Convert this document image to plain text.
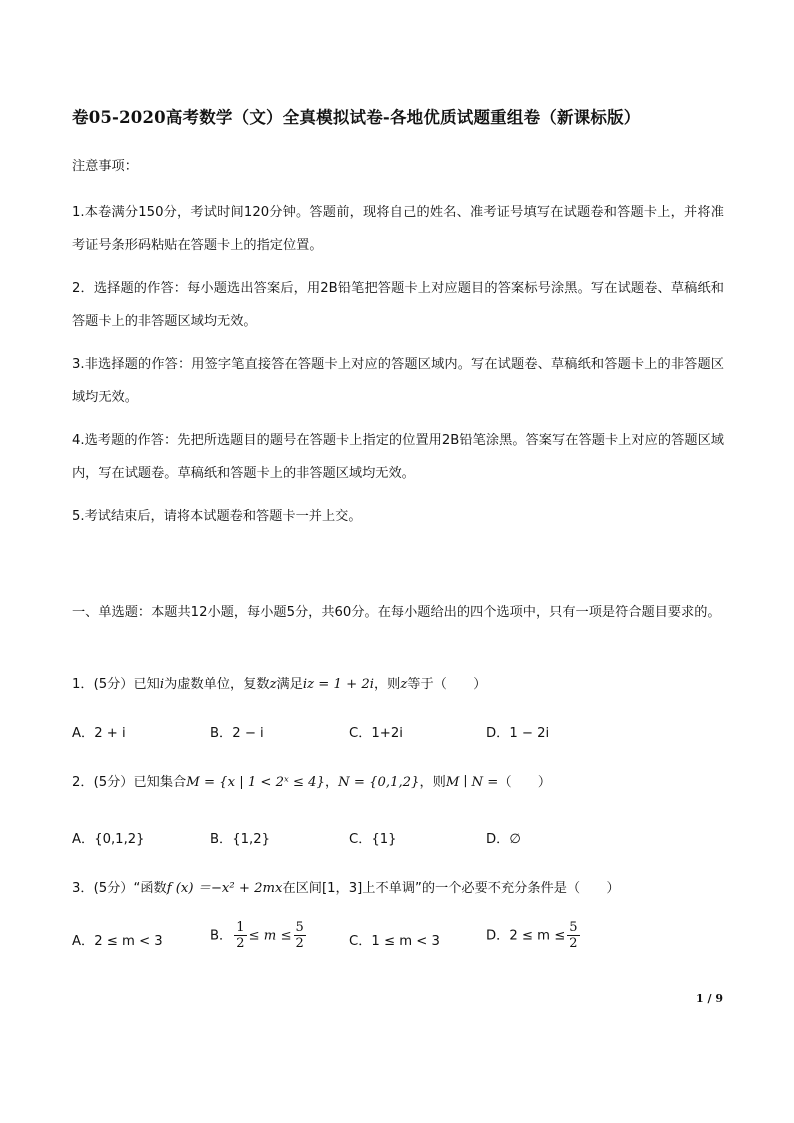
卷05-2020高考数学（文）全真模拟试卷-各地优质试题重组卷（新课标版）
注意事项：
1.本卷满分150分，考试时间120分钟。答题前，现将自己的姓名、准考证号填写在试题卷和答题卡上，并将准考证号条形码粘贴在答题卡上的指定位置。
2．选择题的作答：每小题选出答案后，用2B铅笔把答题卡上对应题目的答案标号涂黑。写在试题卷、草稿纸和答题卡上的非答题区域均无效。
3.非选择题的作答：用签字笔直接答在答题卡上对应的答题区域内。写在试题卷、草稿纸和答题卡上的非答题区域均无效。
4.选考题的作答：先把所选题目的题号在答题卡上指定的位置用2B铅笔涂黑。答案写在答题卡上对应的答题区域内，写在试题卷。草稿纸和答题卡上的非答题区域均无效。
5.考试结束后，请将本试题卷和答题卡一并上交。
一、单选题：本题共12小题，每小题5分，共60分。在每小题给出的四个选项中，只有一项是符合题目要求的。
1．(5分）已知i为虚数单位，复数z满足iz = 1 + 2i，则z等于（　　）
A．2 + i	B．2 − i	C．1+2i	D．1 − 2i
2．(5分）已知集合M = {x | 1 < 2ˣ ≤ 4}，N = {0,1,2}，则M ∣ N =（　　）
A．{0,1,2}	B．{1,2}	C．{1}	D．∅
3．(5分）“函数f (x) ＝−x² + 2mx在区间[1，3]上不单调”的一个必要不充分条件是（　　）
A．2 ≤ m < 3	B． $\frac{1}{2} \le m \le \frac{5}{2}$	C．1 ≤ m < 3	D．$2 \le m \le \frac{5}{2}$
1 / 9
